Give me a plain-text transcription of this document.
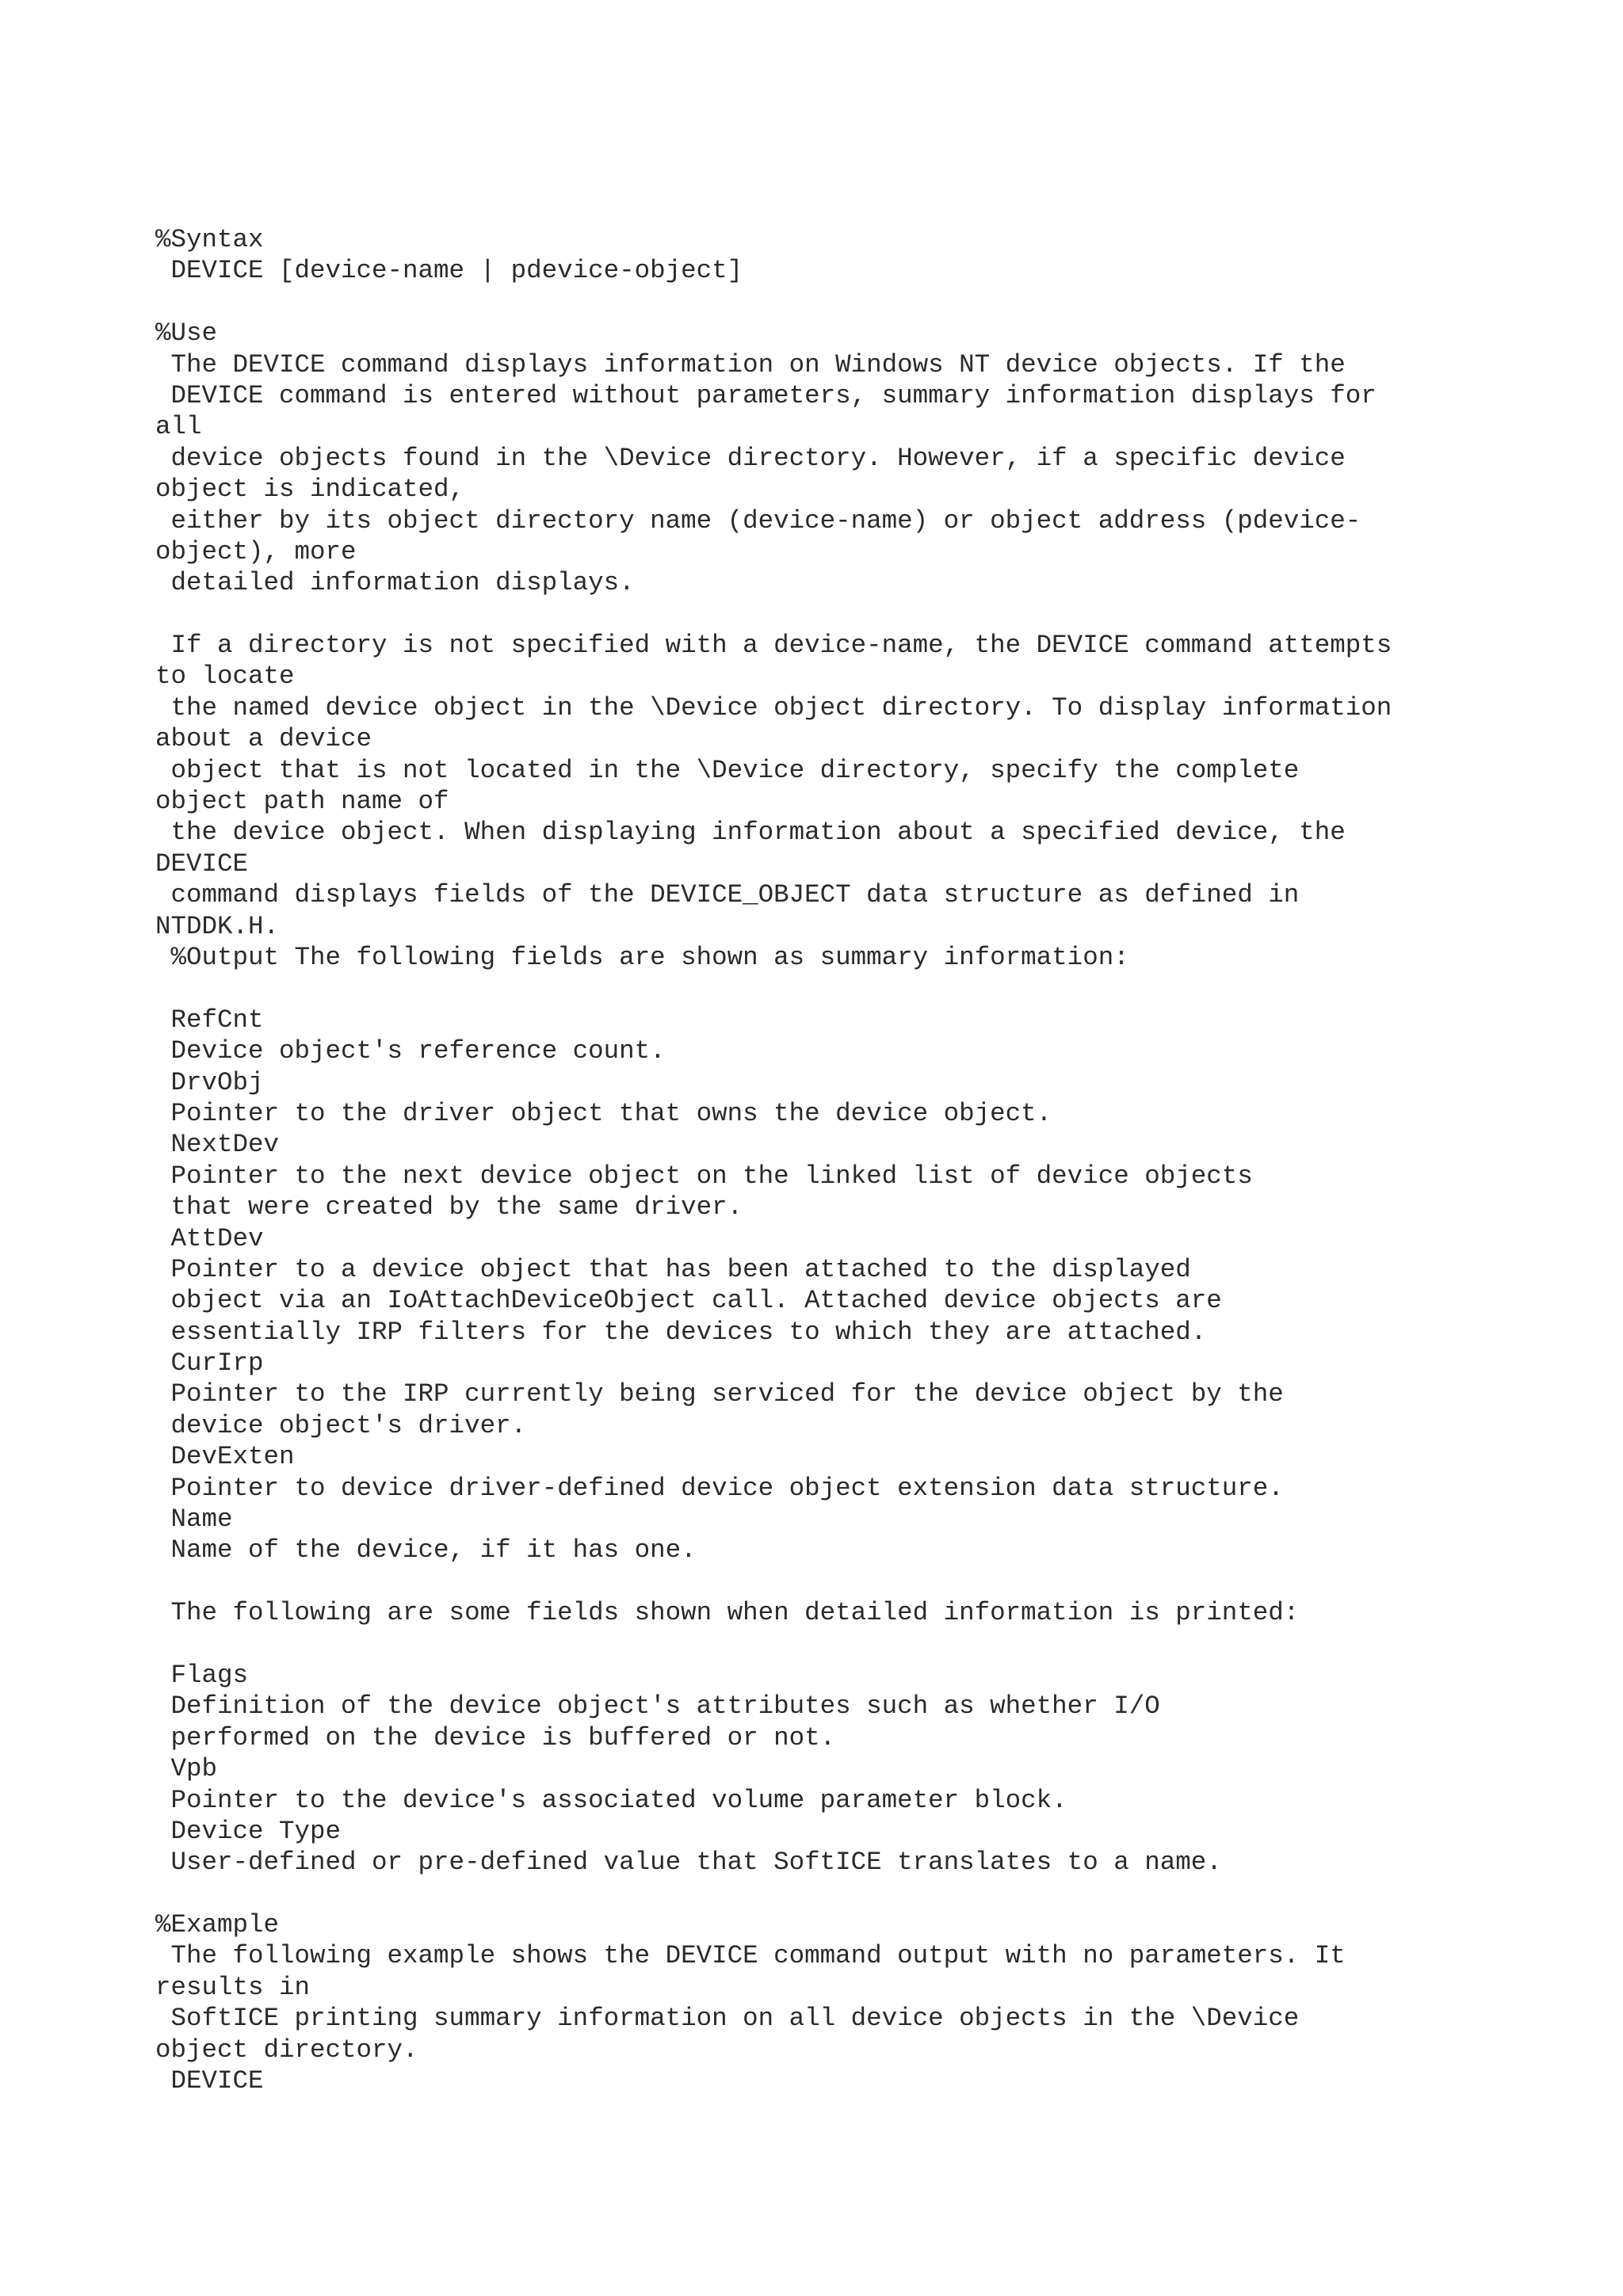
%Syntax
DEVICE [device-name | pdevice-object]
%Use
The DEVICE command displays information on Windows NT device objects. If the
DEVICE command is entered without parameters, summary information displays for
all
device objects found in the \Device directory. However, if a specific device
object is indicated,
either by its object directory name (device-name) or object address (pdevice-
object), more
detailed information displays.
If a directory is not specified with a device-name, the DEVICE command attempts
to locate
the named device object in the \Device object directory. To display information
about a device
object that is not located in the \Device directory, specify the complete
object path name of
the device object. When displaying information about a specified device, the
DEVICE
command displays fields of the DEVICE_OBJECT data structure as defined in
NTDDK.H.
%Output The following fields are shown as summary information:
RefCnt
Device object's reference count.
DrvObj
Pointer to the driver object that owns the device object.
NextDev
Pointer to the next device object on the linked list of device objects
that were created by the same driver.
AttDev
Pointer to a device object that has been attached to the displayed
object via an IoAttachDeviceObject call. Attached device objects are
essentially IRP filters for the devices to which they are attached.
CurIrp
Pointer to the IRP currently being serviced for the device object by the
device object's driver.
DevExten
Pointer to device driver-defined device object extension data structure.
Name
Name of the device, if it has one.
The following are some fields shown when detailed information is printed:
Flags
Definition of the device object's attributes such as whether I/O
performed on the device is buffered or not.
Vpb
Pointer to the device's associated volume parameter block.
Device Type
User-defined or pre-defined value that SoftICE translates to a name.
%Example
The following example shows the DEVICE command output with no parameters. It
results in
SoftICE printing summary information on all device objects in the \Device
object directory.
DEVICE
